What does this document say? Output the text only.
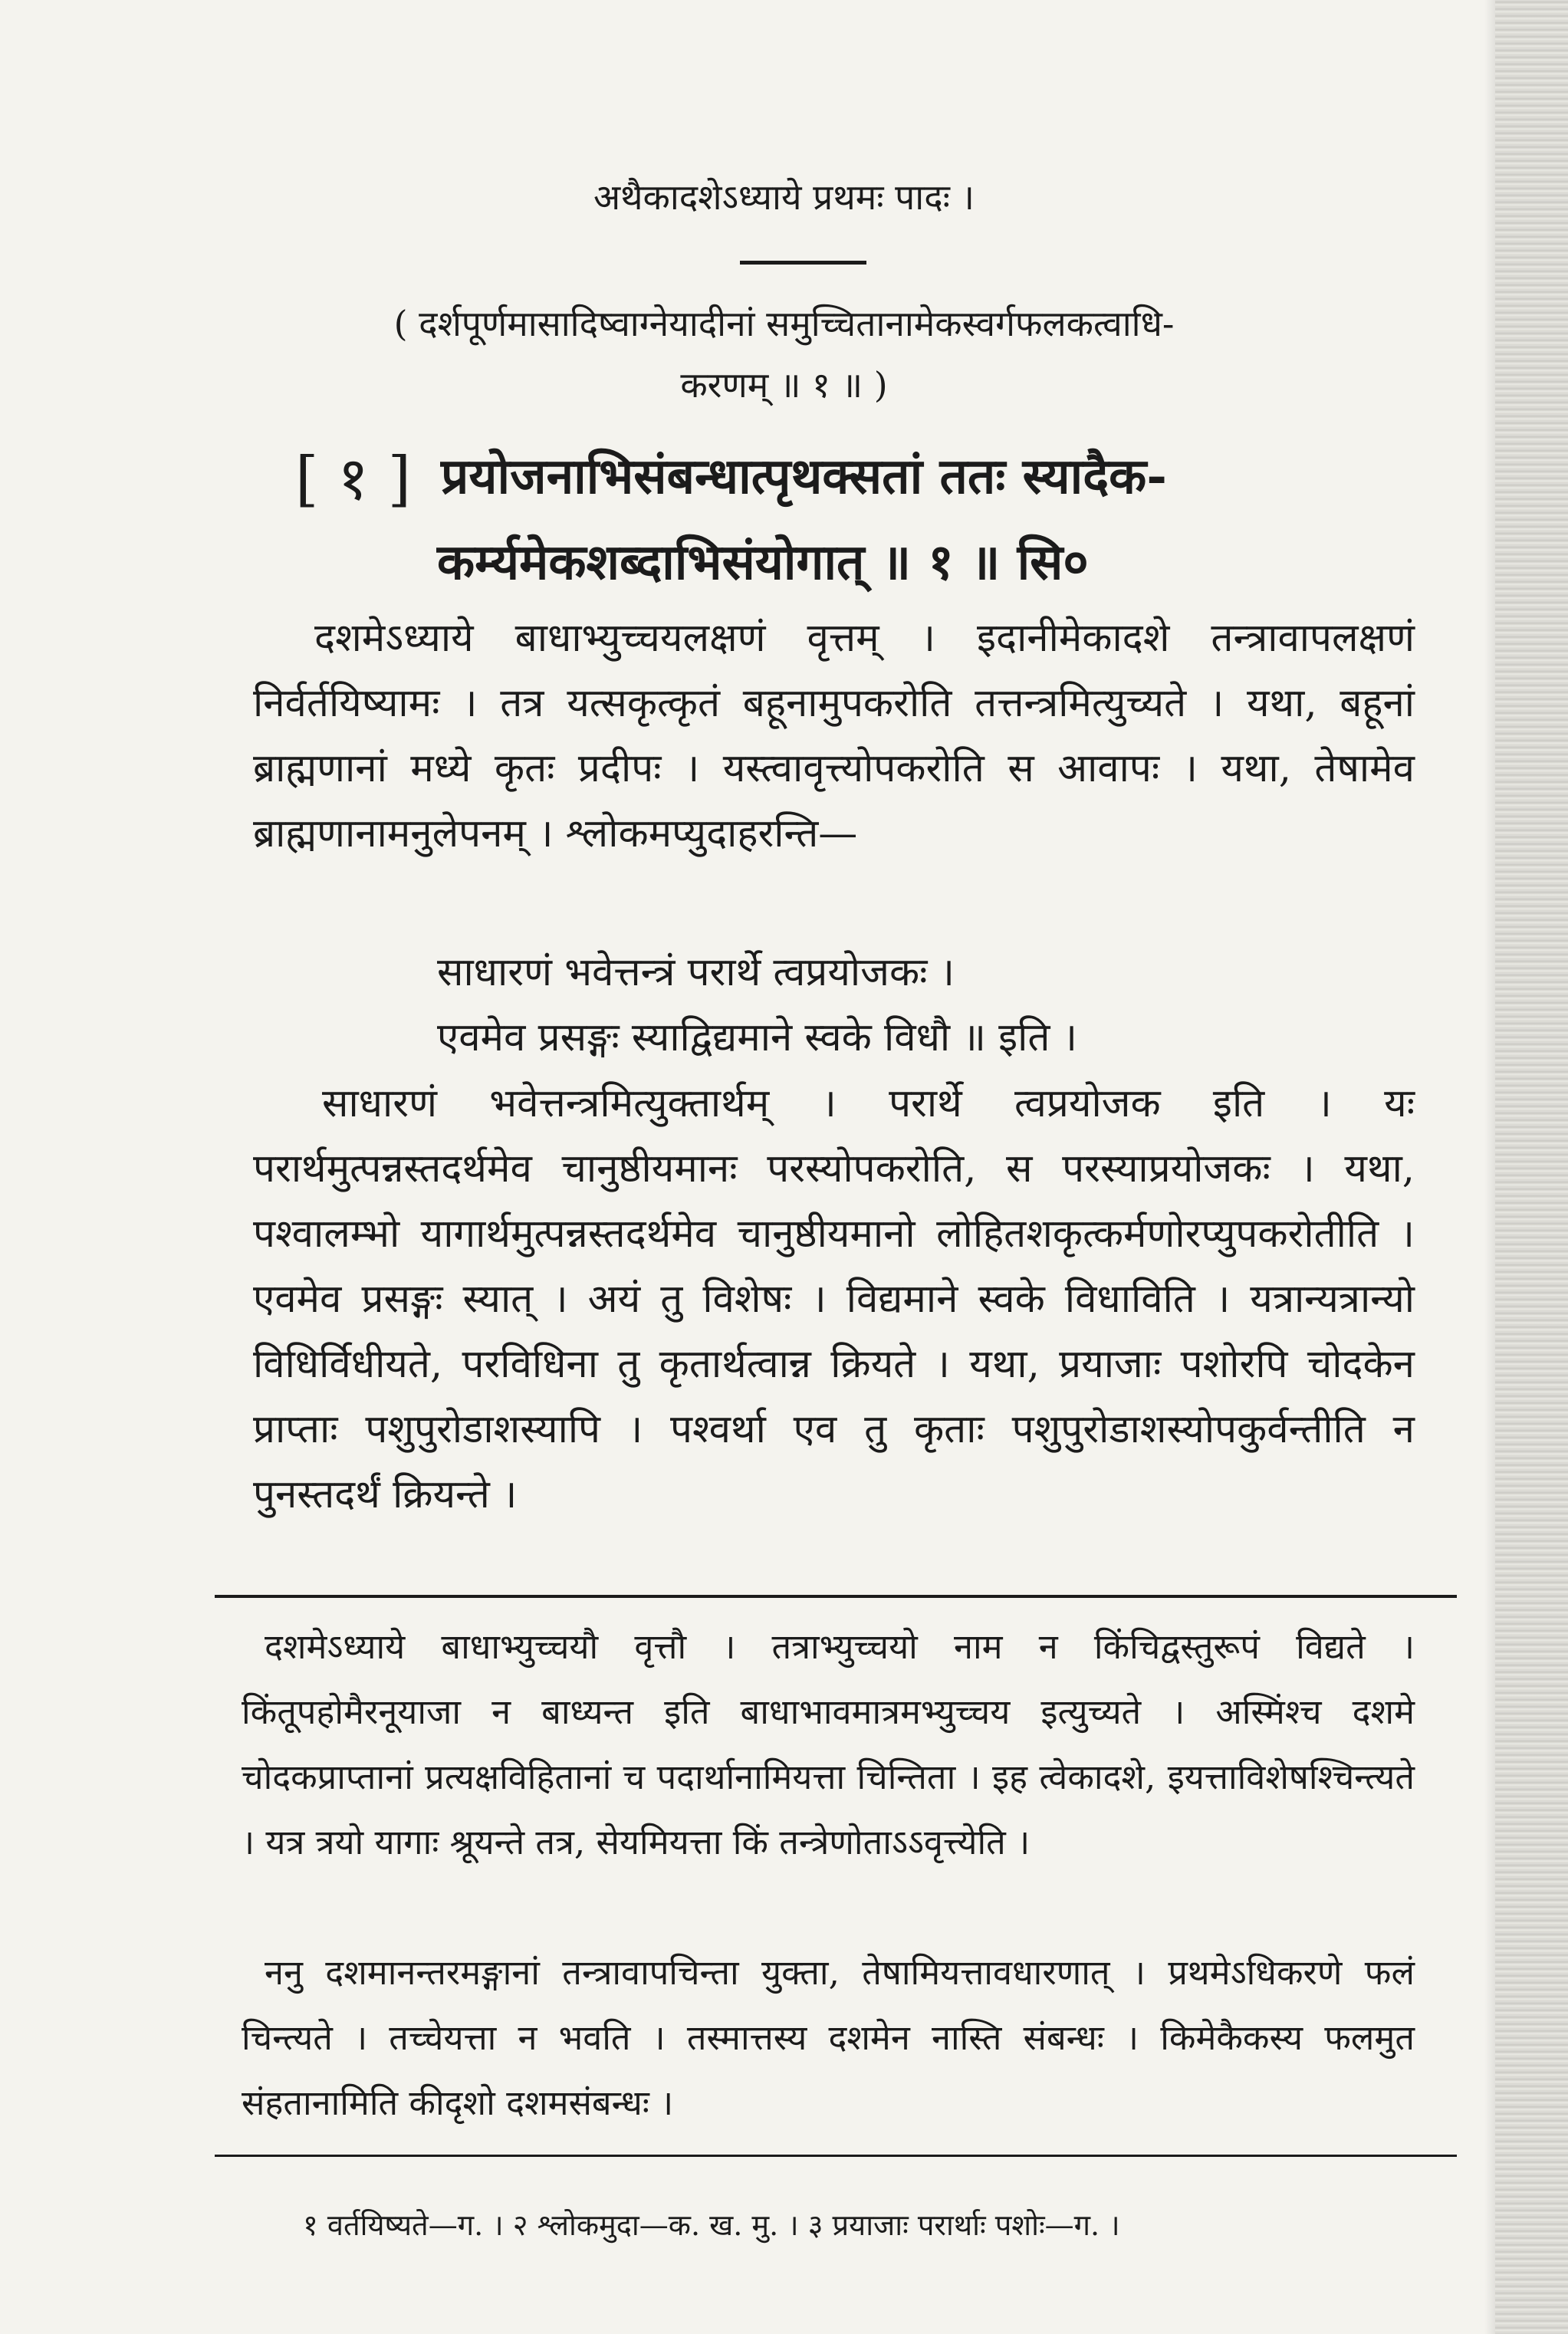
अथैकादशेऽध्याये प्रथमः पादः ।
( दर्शपूर्णमासादिष्वाग्नेयादीनां समुच्चितानामेकस्वर्गफलकत्वाधि-
करणम् ॥ १ ॥ )
[ १ ] प्रयोजनाभिसंबन्धात्पृथक्सतां ततः स्यादैक-
कर्म्यमेकशब्दाभिसंयोगात् ॥ १ ॥ सि०

दशमेऽध्याये बाधाभ्युच्चयलक्षणं वृत्तम् । इदानीमेकादशे तन्त्रावापलक्षणं निर्वर्तयिष्यामः । तत्र यत्सकृत्कृतं बहूनामुपकरोति तत्तन्त्रमित्युच्यते । यथा, बहूनां ब्राह्मणानां मध्ये कृतः प्रदीपः । यस्त्वावृत्त्योपकरोति स आवापः । यथा, तेषामेव ब्राह्मणानामनुलेपनम् । श्लोकमप्युदाहरन्ति—

साधारणं भवेत्तन्त्रं परार्थे त्वप्रयोजकः ।
एवमेव प्रसङ्गः स्याद्विद्यमाने स्वके विधौ ॥ इति ।

साधारणं भवेत्तन्त्रमित्युक्तार्थम् । परार्थे त्वप्रयोजक इति । यः परार्थमुत्पन्नस्तदर्थमेव चानुष्ठीयमानः परस्योपकरोति, स परस्याप्रयोजकः । यथा, पश्वालम्भो यागार्थमुत्पन्नस्तदर्थमेव चानुष्ठीयमानो लोहितशकृत्कर्मणोरप्युपकरोतीति । एवमेव प्रसङ्गः स्यात् । अयं तु विशेषः । विद्यमाने स्वके विधाविति । यत्रान्यत्रान्यो विधिर्विधीयते, परविधिना तु कृतार्थत्वान्न क्रियते । यथा, प्रयाजाः पशोरपि चोदकेन प्राप्ताः पशुपुरोडाशस्यापि । पश्वर्था एव तु कृताः पशुपुरोडाशस्योपकुर्वन्तीति न पुनस्तदर्थं क्रियन्ते ।

दशमेऽध्याये बाधाभ्युच्चयौ वृत्तौ । तत्राभ्युच्चयो नाम न किंचिद्वस्तुरूपं विद्यते । किंतूपहोमैरनूयाजा न बाध्यन्त इति बाधाभावमात्रमभ्युच्चय इत्युच्यते । अस्मिंश्च दशमे चोदकप्राप्तानां प्रत्यक्षविहितानां च पदार्थानामियत्ता चिन्तिता । इह त्वेकादशे, इयत्ताविशेषश्चिन्त्यते । यत्र त्रयो यागाः श्रूयन्ते तत्र, सेयमियत्ता किं तन्त्रेणोताऽऽवृत्त्येति ।

ननु दशमानन्तरमङ्गानां तन्त्रावापचिन्ता युक्ता, तेषामियत्तावधारणात् । प्रथमेऽधिकरणे फलं चिन्त्यते । तच्चेयत्ता न भवति । तस्मात्तस्य दशमेन नास्ति संबन्धः । किमेकैकस्य फलमुत संहतानामिति कीदृशो दशमसंबन्धः ।

१ वर्तयिष्यते—ग. । २ श्लोकमुदा—क. ख. मु. । ३ प्रयाजाः परार्थाः पशोः—ग. ।
